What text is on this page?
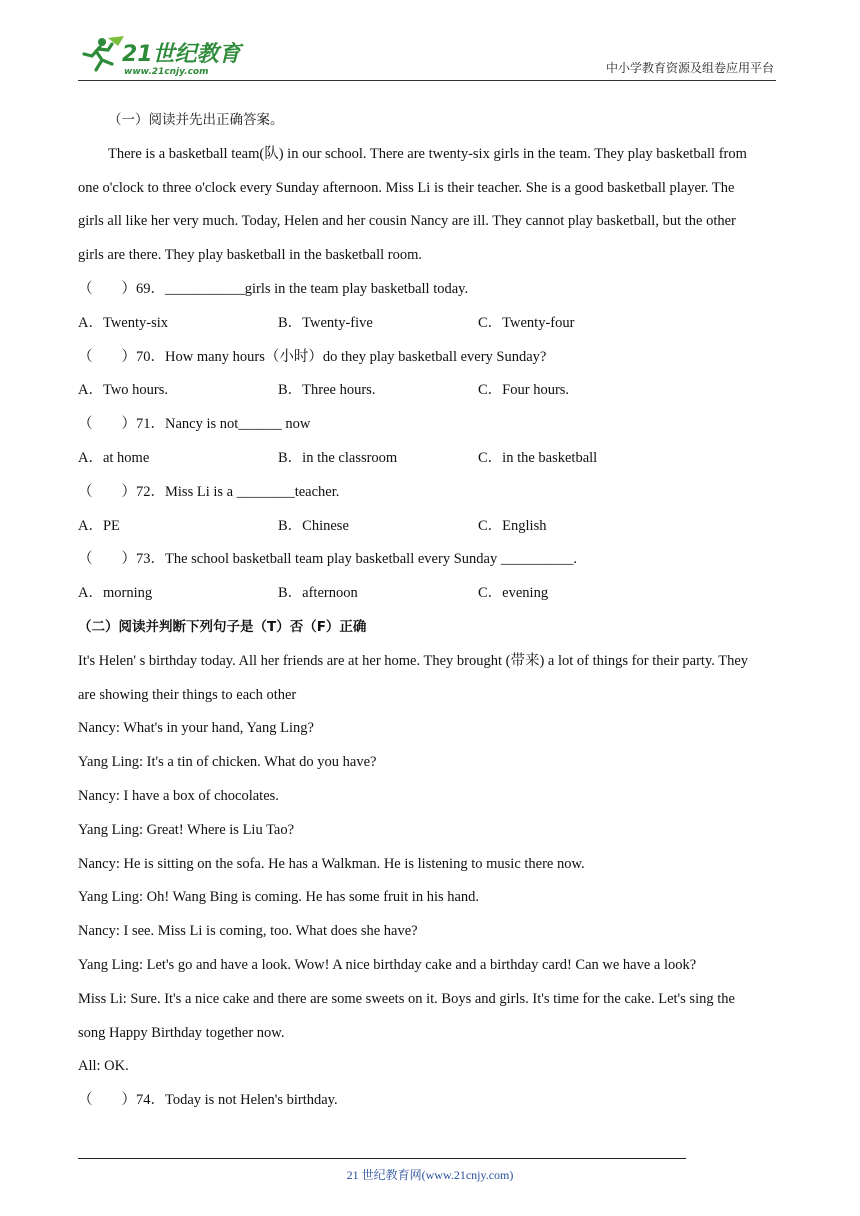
21世纪教育
www.21cnjy.com	中小学教育资源及组卷应用平台
（一）阅读并先出正确答案。
There is a basketball team(队) in our school. There are twenty-six girls in the team. They play basketball from
one o'clock to three o'clock every Sunday afternoon. Miss Li is their teacher. She is a good basketball player. The
girls all like her very much. Today, Helen and her cousin Nancy are ill. They cannot play basketball, but the other
girls are there. They play basketball in the basketball room.
（　　）69．___________girls in the team play basketball today.
A．Twenty-six	B．Twenty-five	C．Twenty-four
（　　）70．How many hours（小时）do they play basketball every Sunday?
A．Two hours.	B．Three hours.	C．Four hours.
（　　）71．Nancy is not______ now
A．at home	B．in the classroom	C．in the basketball
（　　）72．Miss Li is a ________teacher.
A．PE	B．Chinese	C．English
（　　）73．The school basketball team play basketball every Sunday __________.
A．morning	B．afternoon	C．evening
（二）阅读并判断下列句子是（T）否（F）正确
It's Helen' s birthday today. All her friends are at her home. They brought (带来) a lot of things for their party. They
are showing their things to each other
Nancy: What's in your hand, Yang Ling?
Yang Ling: It's a tin of chicken. What do you have?
Nancy: I have a box of chocolates.
Yang Ling: Great! Where is Liu Tao?
Nancy: He is sitting on the sofa. He has a Walkman. He is listening to music there now.
Yang Ling: Oh! Wang Bing is coming. He has some fruit in his hand.
Nancy: I see. Miss Li is coming, too. What does she have?
Yang Ling: Let's go and have a look. Wow! A nice birthday cake and a birthday card! Can we have a look?
Miss Li: Sure. It's a nice cake and there are some sweets on it. Boys and girls. It's time for the cake. Let's sing the
song Happy Birthday together now.
All: OK.
（　　）74．Today is not Helen's birthday.
21 世纪教育网(www.21cnjy.com)
